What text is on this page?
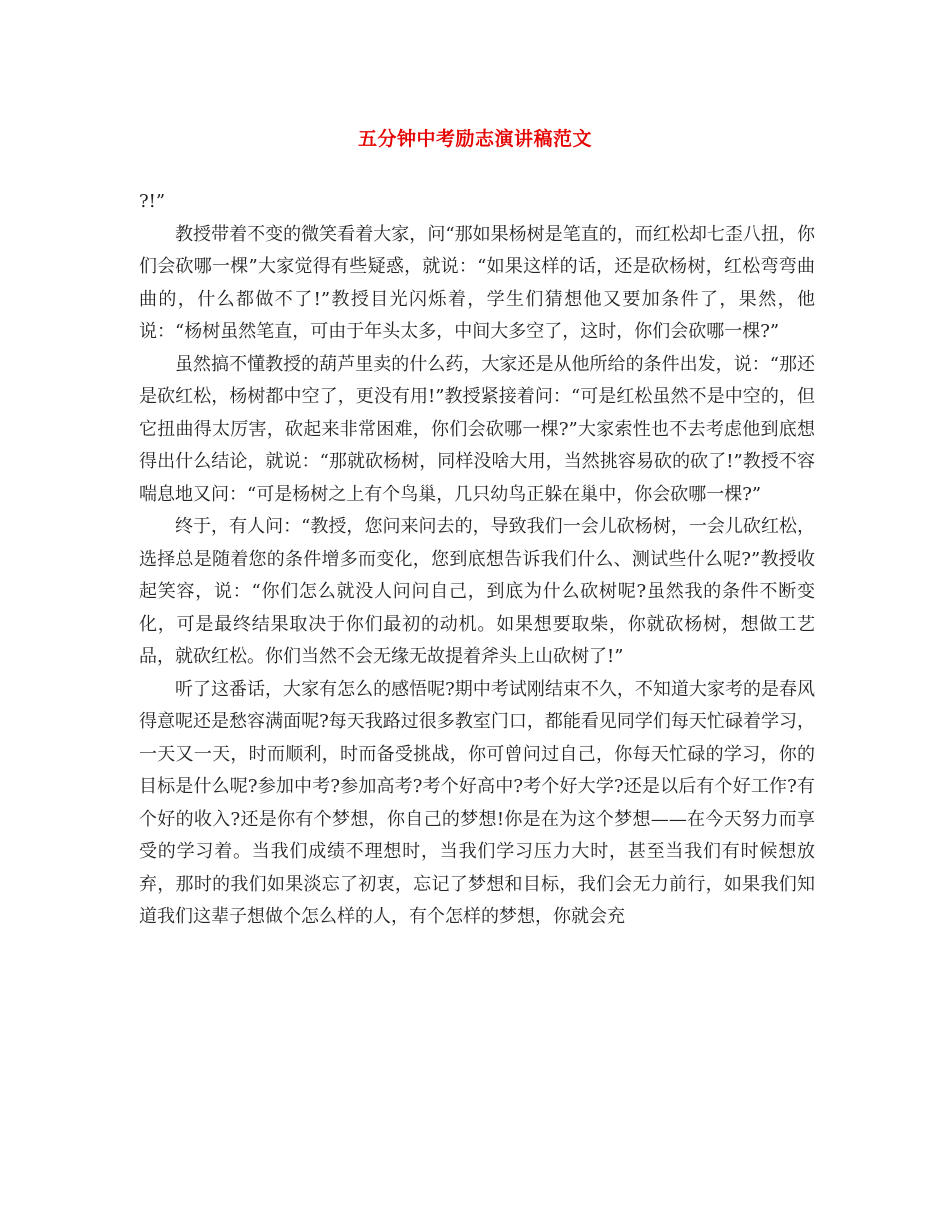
五分钟中考励志演讲稿范文

?!”

教授带着不变的微笑看着大家，问“那如果杨树是笔直的，而红松却七歪八扭，你们会砍哪一棵”大家觉得有些疑惑，就说：“如果这样的话，还是砍杨树，红松弯弯曲曲的，什么都做不了!”教授目光闪烁着，学生们猜想他又要加条件了，果然，他说：“杨树虽然笔直，可由于年头太多，中间大多空了，这时，你们会砍哪一棵?”

虽然搞不懂教授的葫芦里卖的什么药，大家还是从他所给的条件出发，说：“那还是砍红松，杨树都中空了，更没有用!”教授紧接着问：“可是红松虽然不是中空的，但它扭曲得太厉害，砍起来非常困难，你们会砍哪一棵?”大家索性也不去考虑他到底想得出什么结论，就说：“那就砍杨树，同样没啥大用，当然挑容易砍的砍了!”教授不容喘息地又问：“可是杨树之上有个鸟巢，几只幼鸟正躲在巢中，你会砍哪一棵?”

终于，有人问：“教授，您问来问去的，导致我们一会儿砍杨树，一会儿砍红松，选择总是随着您的条件增多而变化，您到底想告诉我们什么、测试些什么呢?”教授收起笑容，说：“你们怎么就没人问问自己，到底为什么砍树呢?虽然我的条件不断变化，可是最终结果取决于你们最初的动机。如果想要取柴，你就砍杨树，想做工艺品，就砍红松。你们当然不会无缘无故提着斧头上山砍树了!”

听了这番话，大家有怎么的感悟呢?期中考试刚结束不久，不知道大家考的是春风得意呢还是愁容满面呢?每天我路过很多教室门口，都能看见同学们每天忙碌着学习，一天又一天，时而顺利，时而备受挑战，你可曾问过自己，你每天忙碌的学习，你的目标是什么呢?参加中考?参加高考?考个好高中?考个好大学?还是以后有个好工作?有个好的收入?还是你有个梦想，你自己的梦想!你是在为这个梦想——在今天努力而享受的学习着。当我们成绩不理想时，当我们学习压力大时，甚至当我们有时候想放弃，那时的我们如果淡忘了初衷，忘记了梦想和目标，我们会无力前行，如果我们知道我们这辈子想做个怎么样的人，有个怎样的梦想，你就会充
